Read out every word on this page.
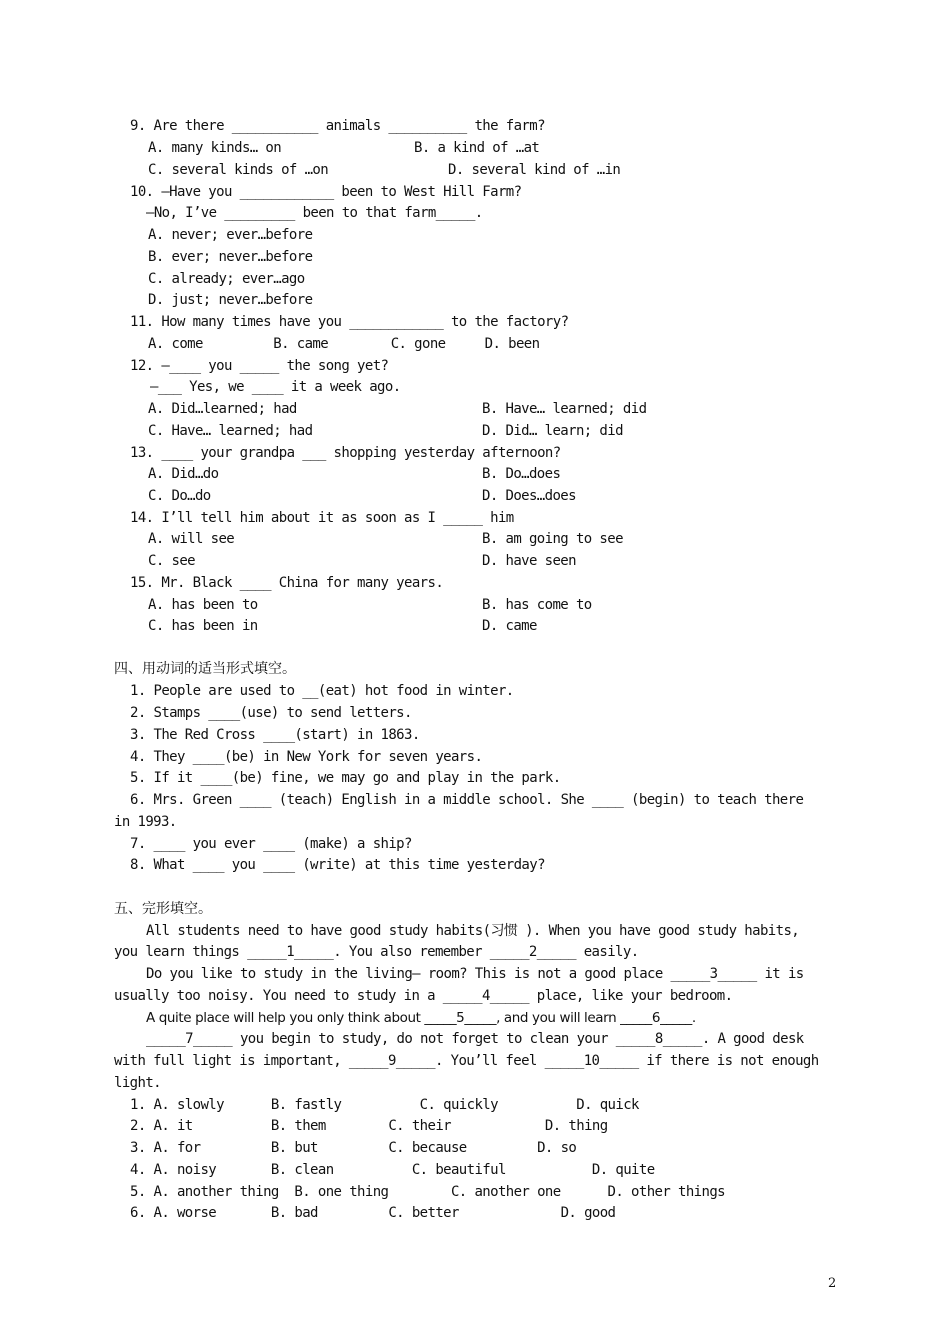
9. Are there ___________ animals __________ the farm?
A. many kinds… on	B. a kind of …at
C. several kinds of …on	D. several kind of …in
10. —Have you ____________ been to West Hill Farm?
—No, I’ve _________ been to that farm_____.
A. never; ever…before
B. ever; never…before
C. already; ever…ago
D. just; never…before
11. How many times have you ____________ to the factory?
A. come         B. came        C. gone     D. been
12. —____ you _____ the song yet?
—___ Yes, we ____ it a week ago.
A. Did…learned; had	B. Have… learned; did
C. Have… learned; had	D. Did… learn; did
13. ____ your grandpa ___ shopping yesterday afternoon?
A. Did…do	B. Do…does
C. Do…do	D. Does…does
14. I’ll tell him about it as soon as I _____ him
A. will see	B. am going to see
C. see	D. have seen
15. Mr. Black ____ China for many years.
A. has been to	B. has come to
C. has been in	D. came
四、用动词的适当形式填空。
1. People are used to __(eat) hot food in winter.
2. Stamps ____(use) to send letters.
3. The Red Cross ____(start) in 1863.
4. They ____(be) in New York for seven years.
5. If it ____(be) fine, we may go and play in the park.
6. Mrs. Green ____ (teach) English in a middle school. She ____ (begin) to teach there
in 1993.
7. ____ you ever ____ (make) a ship?
8. What ____ you ____ (write) at this time yesterday?
五、完形填空。
All students need to have good study habits(习惯 ). When you have good study habits,
you learn things _____1_____. You also remember _____2_____ easily.
Do you like to study in the living— room? This is not a good place _____3_____ it is
usually too noisy. You need to study in a _____4_____ place, like your bedroom.
A quite place will help you only think about _____5_____, and you will learn _____6_____.
_____7_____ you begin to study, do not forget to clean your _____8_____. A good desk
with full light is important, _____9_____. You’ll feel _____10_____ if there is not enough
light.
1. A. slowly      B. fastly          C. quickly          D. quick
2. A. it          B. them        C. their            D. thing
3. A. for         B. but         C. because         D. so
4. A. noisy       B. clean          C. beautiful           D. quite
5. A. another thing  B. one thing        C. another one      D. other things
6. A. worse       B. bad         C. better             D. good
2
